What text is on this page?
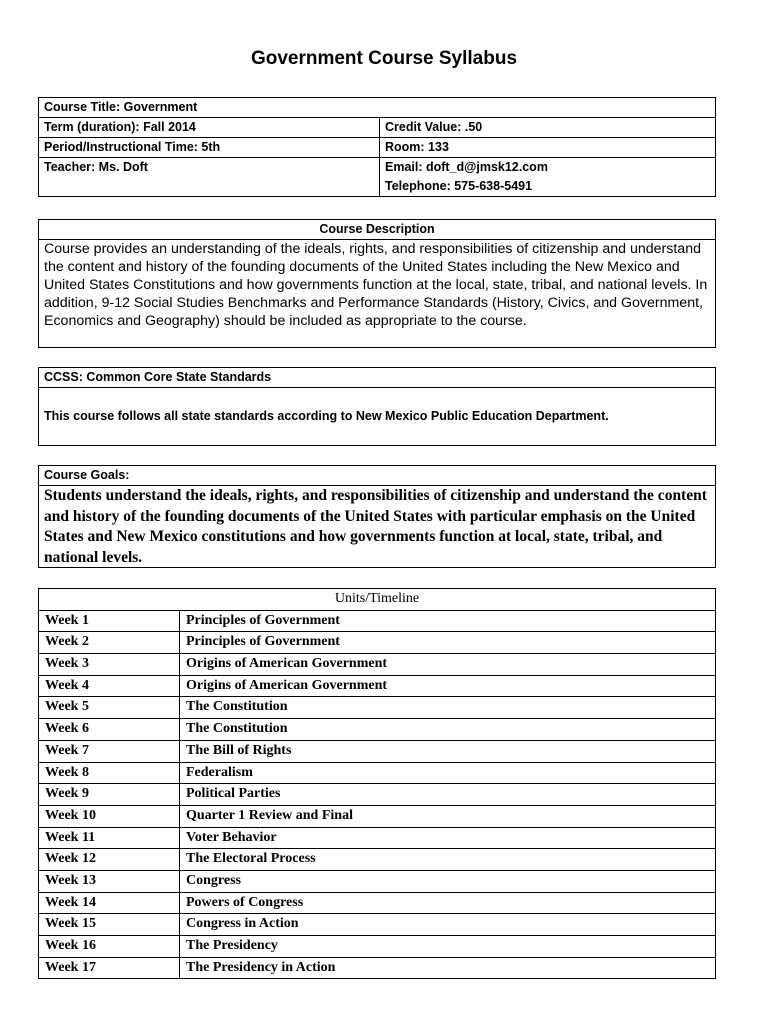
Government Course Syllabus
Course Title: Government	
Term (duration): Fall 2014	Credit Value: .50
Period/Instructional Time: 5th	Room: 133
Teacher: Ms. Doft	Email: doft_d@jmsk12.com
Telephone: 575-638-5491
Course Description
Course provides an understanding of the ideals, rights, and responsibilities of citizenship and understand the content and history of the founding documents of the United States including the New Mexico and United States Constitutions and how governments function at the local, state, tribal, and national levels. In addition, 9-12 Social Studies Benchmarks and Performance Standards (History, Civics, and Government, Economics and Geography) should be included as appropriate to the course.
CCSS: Common Core State Standards
This course follows all state standards according to New Mexico Public Education Department.
Course Goals:
Students understand the ideals, rights, and responsibilities of citizenship and understand the content and history of the founding documents of the United States with particular emphasis on the United States and New Mexico constitutions and how governments function at local, state, tribal, and national levels.
Units/Timeline	
Week 1	Principles of Government
Week 2	Principles of Government
Week 3	Origins of American Government
Week 4	Origins of American Government
Week 5	The Constitution
Week 6	The Constitution
Week 7	The Bill of Rights
Week 8	Federalism
Week 9	Political Parties
Week 10	Quarter 1 Review and Final
Week 11	Voter Behavior
Week 12	The Electoral Process
Week 13	Congress
Week 14	Powers of Congress
Week 15	Congress in Action
Week 16	The Presidency
Week 17	The Presidency in Action
